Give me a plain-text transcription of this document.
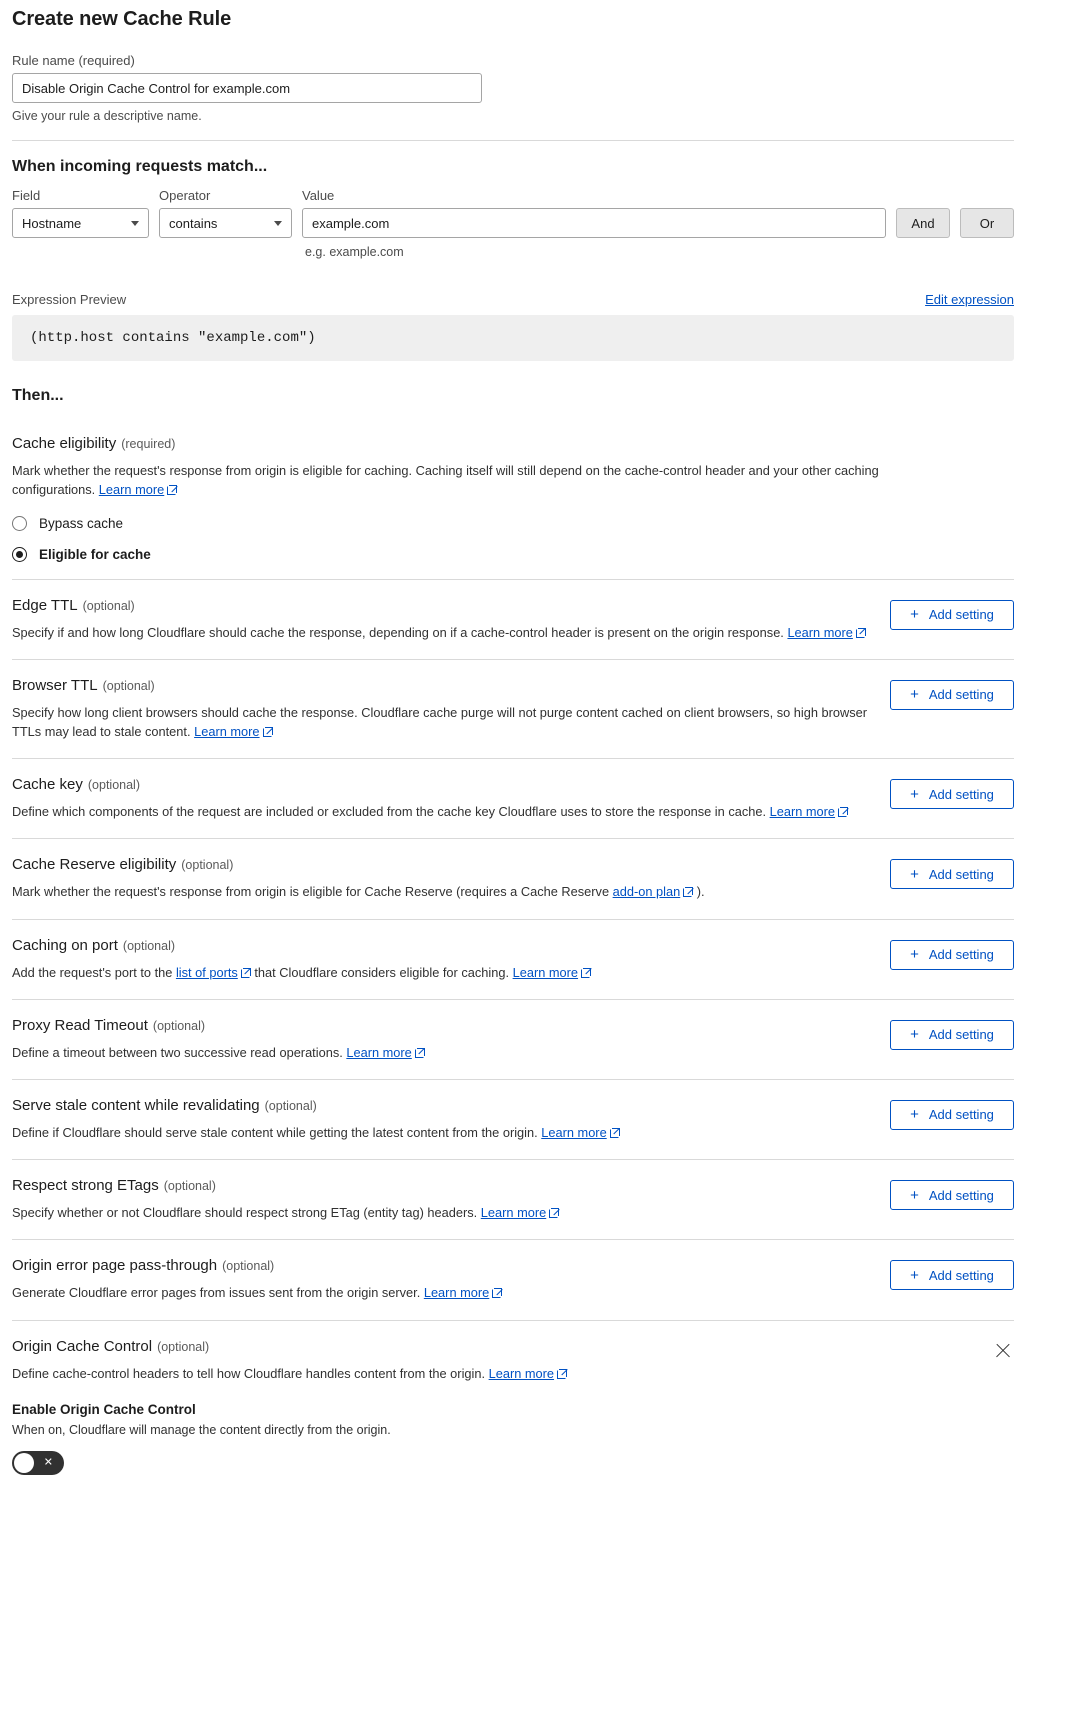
Create new Cache Rule
Rule name (required)
Disable Origin Cache Control for example.com
Give your rule a descriptive name.
When incoming requests match...
Field
Hostname
Operator
contains
Value
example.com
And	Or
e.g. example.com
Expression Preview	Edit expression
(http.host contains "example.com")
Then...
Cache eligibility (required)
Mark whether the request's response from origin is eligible for caching. Caching itself will still depend on the cache-control header and your other caching configurations. Learn more
Bypass cache
Eligible for cache
Edge TTL (optional)
Specify if and how long Cloudflare should cache the response, depending on if a cache-control header is present on the origin response. Learn more
+ Add setting
Browser TTL (optional)
Specify how long client browsers should cache the response. Cloudflare cache purge will not purge content cached on client browsers, so high browser TTLs may lead to stale content. Learn more
+ Add setting
Cache key (optional)
Define which components of the request are included or excluded from the cache key Cloudflare uses to store the response in cache. Learn more
+ Add setting
Cache Reserve eligibility (optional)
Mark whether the request's response from origin is eligible for Cache Reserve (requires a Cache Reserve add-on plan ).
+ Add setting
Caching on port (optional)
Add the request's port to the list of ports that Cloudflare considers eligible for caching. Learn more
+ Add setting
Proxy Read Timeout (optional)
Define a timeout between two successive read operations. Learn more
+ Add setting
Serve stale content while revalidating (optional)
Define if Cloudflare should serve stale content while getting the latest content from the origin. Learn more
+ Add setting
Respect strong ETags (optional)
Specify whether or not Cloudflare should respect strong ETag (entity tag) headers. Learn more
+ Add setting
Origin error page pass-through (optional)
Generate Cloudflare error pages from issues sent from the origin server. Learn more
+ Add setting
Origin Cache Control (optional)
Define cache-control headers to tell how Cloudflare handles content from the origin. Learn more
Enable Origin Cache Control
When on, Cloudflare will manage the content directly from the origin.
✕
